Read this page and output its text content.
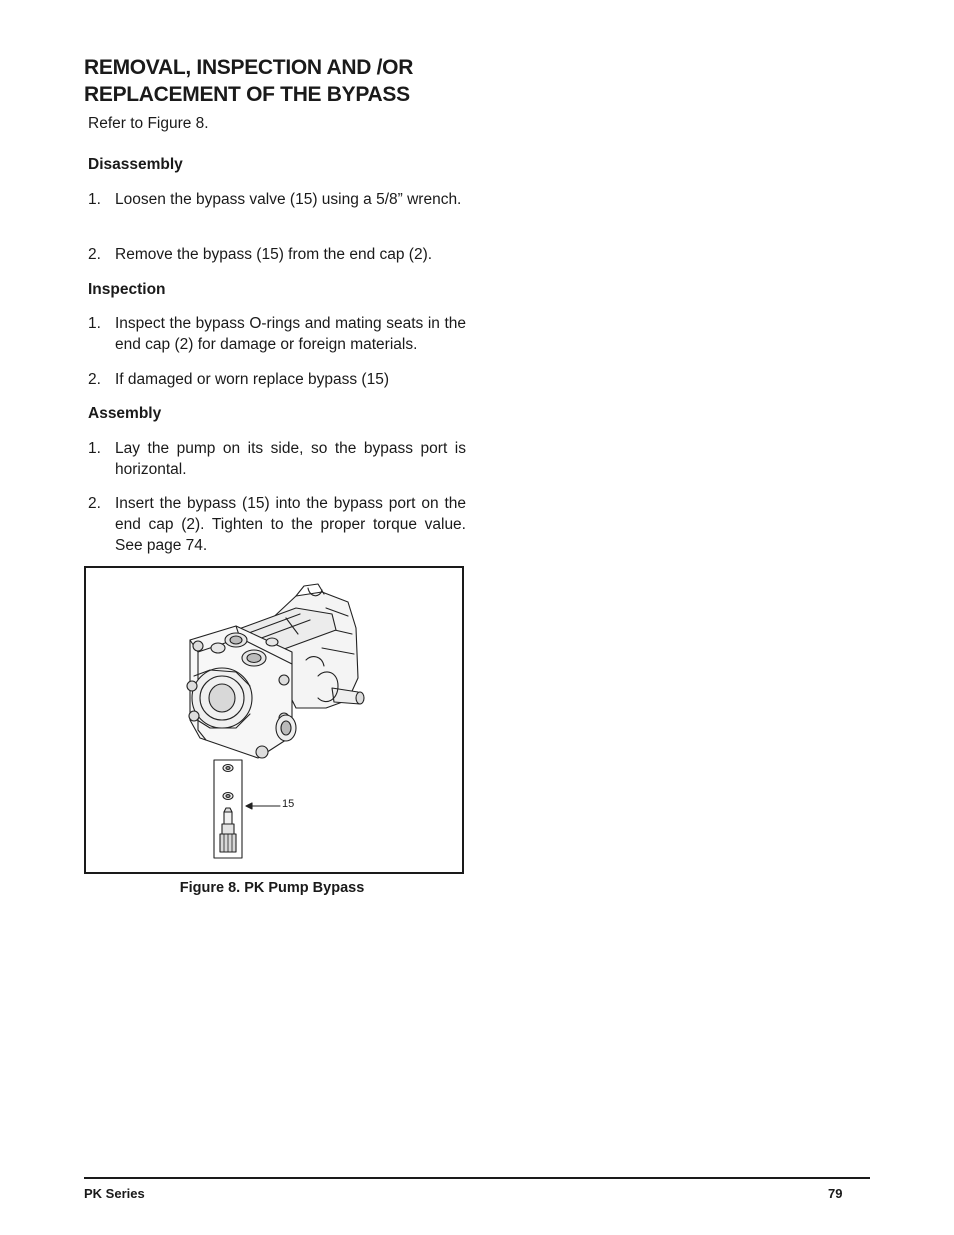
REMOVAL, INSPECTION AND /OR
REPLACEMENT OF THE BYPASS
Refer to Figure 8.
Disassembly
1. Loosen the bypass valve (15) using a 5/8” wrench.
2. Remove the bypass (15) from the end cap (2).
Inspection
1. Inspect the bypass O-rings and mating seats in the end cap (2) for damage or foreign materials.
2. If damaged or worn replace bypass (15)
Assembly
1. Lay the pump on its side, so the bypass port is horizontal.
2. Insert the bypass (15) into the bypass port on the end cap (2). Tighten to the proper torque value. See page 74.
15
Figure 8. PK Pump Bypass
PK Series	79
